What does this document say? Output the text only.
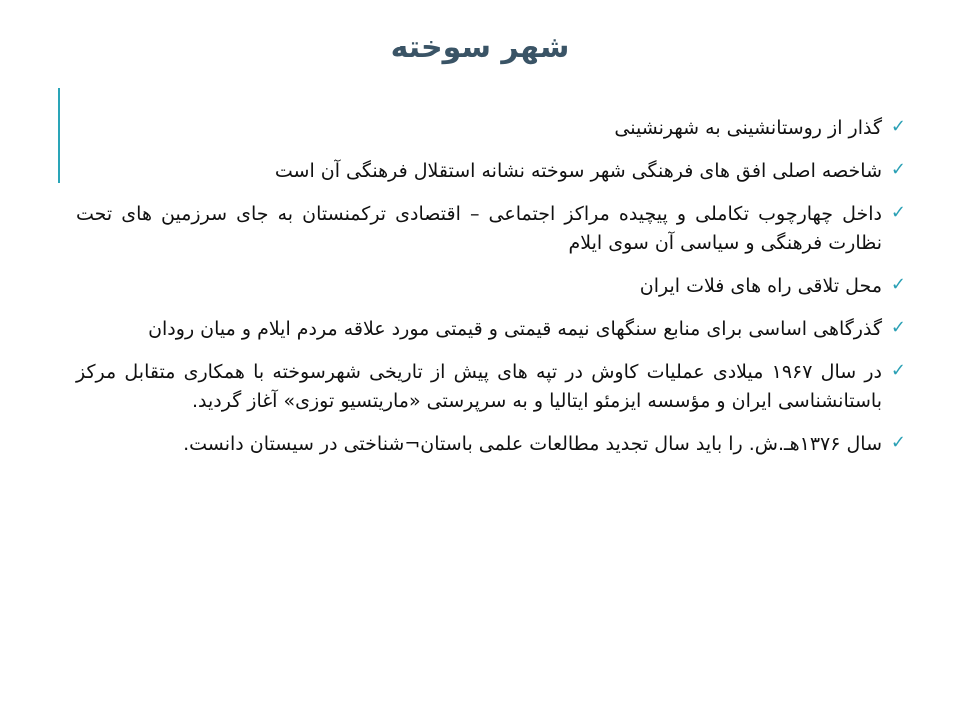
شهر سوخته
✓
گذار از روستانشینی به شهرنشینی
✓
شاخصه اصلی افق های فرهنگی شهر سوخته نشانه استقلال فرهنگی آن است
✓
داخل چهارچوب تکاملی و پیچیده مراکز اجتماعی – اقتصادی ترکمنستان به جای سرزمین های تحت نظارت فرهنگی و سیاسی آن سوی ایلام
✓
محل تلاقی راه های فلات ایران
✓
گذرگاهی اساسی برای منابع سنگهای نیمه قیمتی و قیمتی مورد علاقه مردم ایلام و میان رودان
✓
در سال ۱۹۶۷ میلادی عملیات کاوش در تپه های پیش از تاریخی شهرسوخته با همکاری متقابل مرکز باستانشناسی ایران و مؤسسه ایزمئو ایتالیا و به سرپرستی «ماریتسیو توزی» آغاز گردید.
✓
سال ۱۳۷۶هـ.ش. را باید سال تجدید مطالعات علمی باستان¬شناختی در سیستان دانست.
